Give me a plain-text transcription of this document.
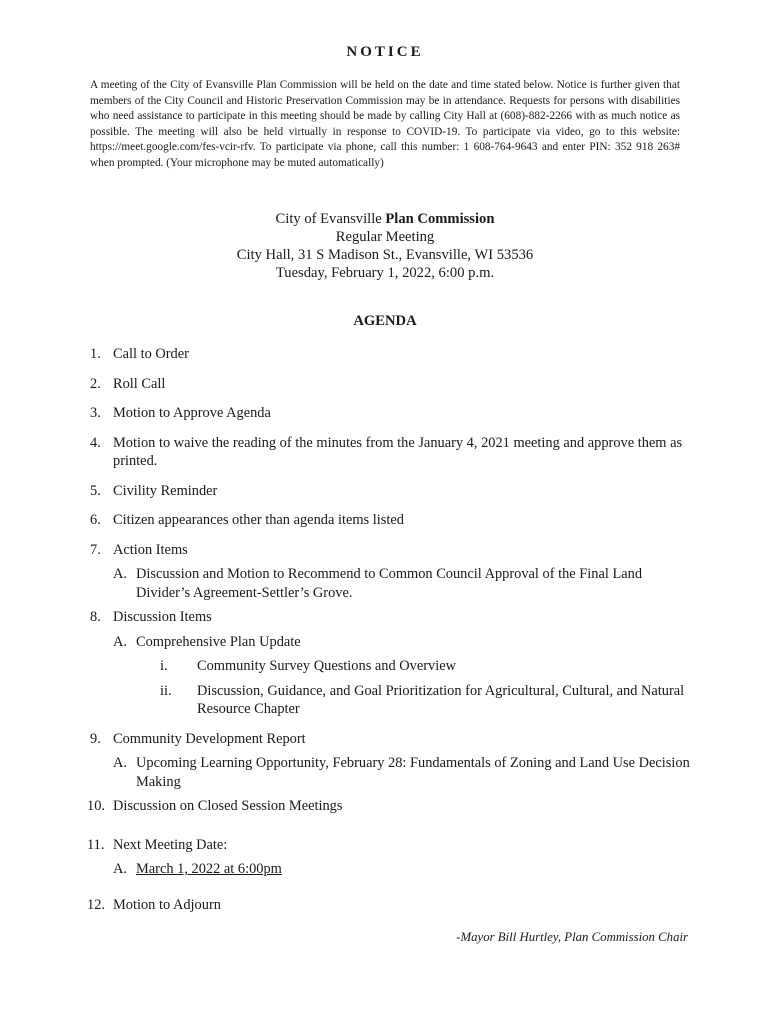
NOTICE
A meeting of the City of Evansville Plan Commission will be held on the date and time stated below. Notice is further given that members of the City Council and Historic Preservation Commission may be in attendance. Requests for persons with disabilities who need assistance to participate in this meeting should be made by calling City Hall at (608)-882-2266 with as much notice as possible. The meeting will also be held virtually in response to COVID-19. To participate via video, go to this website: https://meet.google.com/fes-vcir-rfv. To participate via phone, call this number: 1 608-764-9643 and enter PIN: 352 918 263# when prompted. (Your microphone may be muted automatically)
City of Evansville Plan Commission
Regular Meeting
City Hall, 31 S Madison St., Evansville, WI 53536
Tuesday, February 1, 2022, 6:00 p.m.
AGENDA
1. Call to Order
2. Roll Call
3. Motion to Approve Agenda
4. Motion to waive the reading of the minutes from the January 4, 2021 meeting and approve them as printed.
5. Civility Reminder
6. Citizen appearances other than agenda items listed
7. Action Items
A. Discussion and Motion to Recommend to Common Council Approval of the Final Land Divider’s Agreement-Settler’s Grove.
8. Discussion Items
A. Comprehensive Plan Update
i. Community Survey Questions and Overview
ii. Discussion, Guidance, and Goal Prioritization for Agricultural, Cultural, and Natural Resource Chapter
9. Community Development Report
A. Upcoming Learning Opportunity, February 28: Fundamentals of Zoning and Land Use Decision Making
10. Discussion on Closed Session Meetings
11. Next Meeting Date:
A. March 1, 2022 at 6:00pm
12. Motion to Adjourn
-Mayor Bill Hurtley, Plan Commission Chair
